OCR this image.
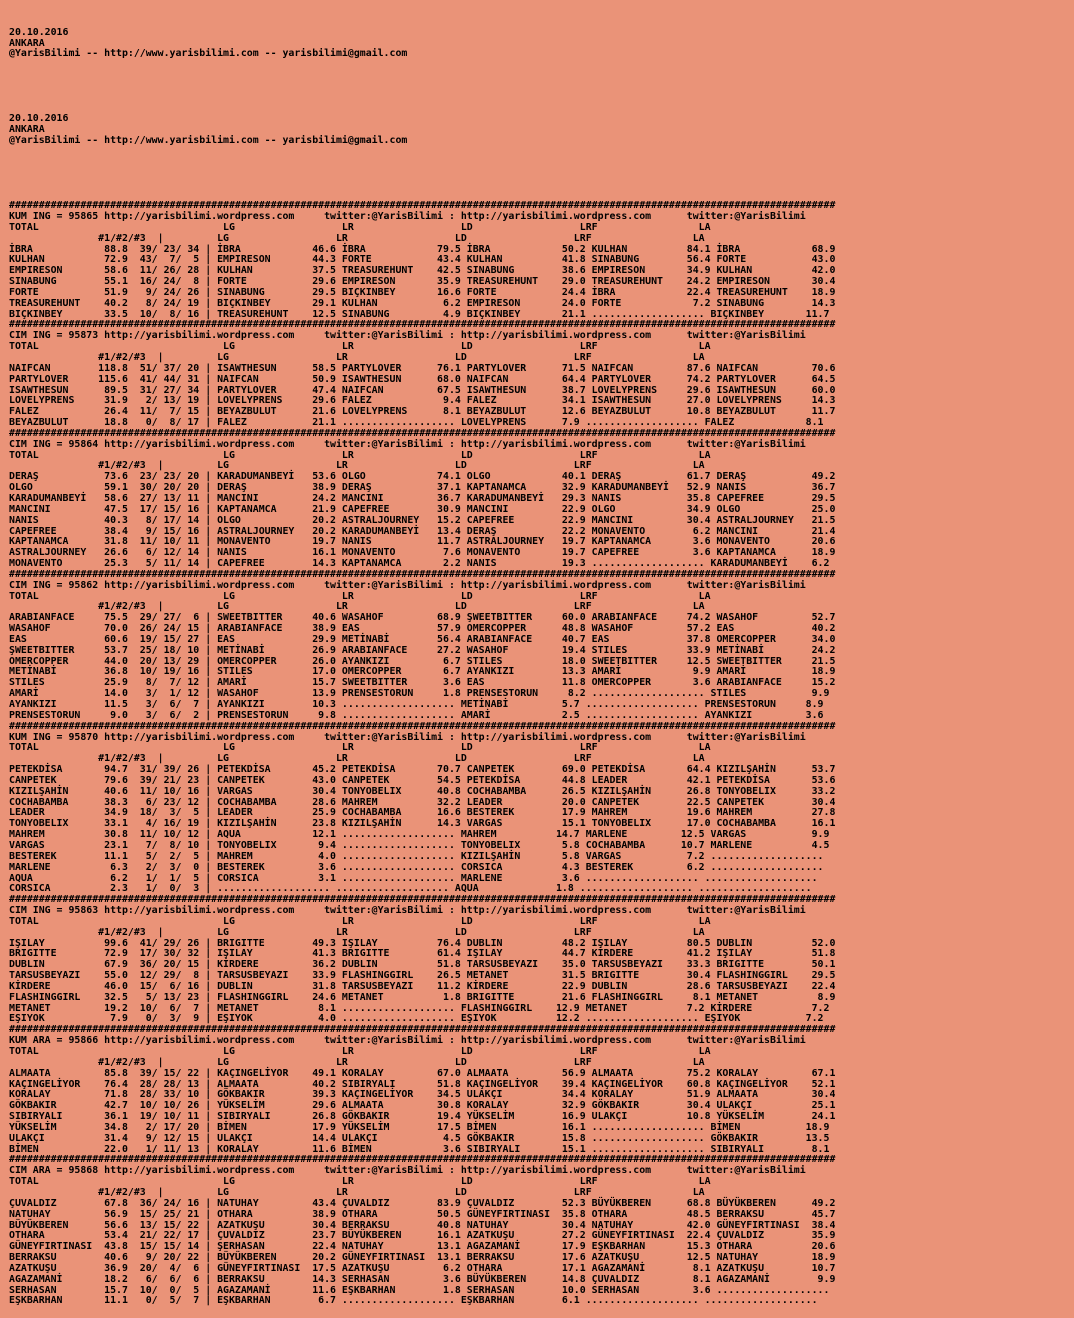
20.10.2016
ANKARA
@YarisBilimi -- http://www.yarisbilimi.com -- yarisbilimi@gmail.com

20.10.2016
ANKARA
@YarisBilimi -- http://www.yarisbilimi.com -- yarisbilimi@gmail.com

###########################################################################################################################################
KUM ING = 95865 http://yarisbilimi.wordpress.com     twitter:@YarisBilimi : http://yarisbilimi.wordpress.com      twitter:@YarisBilimi
TOTAL                               LG                  LR                  LD                  LRF                 LA
#1/#2/#3  |         LG                  LR                  LD                  LRF                 LA
İBRA            88.8  39/ 23/ 34 | İBRA            46.6 İBRA            79.5 İBRA            50.2 KULHAN          84.1 İBRA            68.9
KULHAN          72.9  43/  7/  5 | EMPIRESON       44.3 FORTE           43.4 KULHAN          41.8 SINABUNG        56.4 FORTE           43.0
EMPIRESON       58.6  11/ 26/ 28 | KULHAN          37.5 TREASUREHUNT    42.5 SINABUNG        38.6 EMPIRESON       34.9 KULHAN          42.0
SINABUNG        55.1  16/ 24/  8 | FORTE           29.6 EMPIRESON       35.9 TREASUREHUNT    29.0 TREASUREHUNT    24.2 EMPIRESON       30.4
FORTE           51.9   9/ 24/ 26 | SINABUNG        29.5 BIÇKINBEY       16.6 FORTE           24.4 İBRA            22.4 TREASUREHUNT    18.9
TREASUREHUNT    40.2   8/ 24/ 19 | BIÇKINBEY       29.1 KULHAN           6.2 EMPIRESON       24.0 FORTE            7.2 SINABUNG        14.3
BIÇKINBEY       33.5  10/  8/ 16 | TREASUREHUNT    12.5 SINABUNG         4.9 BIÇKINBEY       21.1 ................... BIÇKINBEY       11.7
###########################################################################################################################################
CIM ING = 95873 http://yarisbilimi.wordpress.com     twitter:@YarisBilimi : http://yarisbilimi.wordpress.com      twitter:@YarisBilimi
TOTAL                               LG                  LR                  LD                  LRF                 LA
#1/#2/#3  |         LG                  LR                  LD                  LRF                 LA
NAIFCAN        118.8  51/ 37/ 20 | ISAWTHESUN      58.5 PARTYLOVER      76.1 PARTYLOVER      71.5 NAIFCAN         87.6 NAIFCAN         70.6
PARTYLOVER     115.6  41/ 44/ 31 | NAIFCAN         50.9 ISAWTHESUN      68.0 NAIFCAN         64.4 PARTYLOVER      74.2 PARTYLOVER      64.5
ISAWTHESUN      89.5  31/ 27/ 34 | PARTYLOVER      47.4 NAIFCAN         67.5 ISAWTHESUN      38.7 LOVELYPRENS     29.6 ISAWTHESUN      60.0
LOVELYPRENS     31.9   2/ 13/ 19 | LOVELYPRENS     29.6 FALEZ            9.4 FALEZ           34.1 ISAWTHESUN      27.0 LOVELYPRENS     14.3
FALEZ           26.4  11/  7/ 15 | BEYAZBULUT      21.6 LOVELYPRENS      8.1 BEYAZBULUT      12.6 BEYAZBULUT      10.8 BEYAZBULUT      11.7
BEYAZBULUT      18.8   0/  8/ 17 | FALEZ           21.1 ................... LOVELYPRENS      7.9 ................... FALEZ            8.1
###########################################################################################################################################
CIM ING = 95864 http://yarisbilimi.wordpress.com     twitter:@YarisBilimi : http://yarisbilimi.wordpress.com      twitter:@YarisBilimi
TOTAL                               LG                  LR                  LD                  LRF                 LA
#1/#2/#3  |         LG                  LR                  LD                  LRF                 LA
DERAŞ           73.6  23/ 23/ 20 | KARADUMANBEYİ   53.6 OLGO            74.1 OLGO            40.1 DERAŞ           61.7 DERAŞ           49.2
OLGO            59.1  30/ 20/ 20 | DERAŞ           38.9 DERAŞ           37.1 KAPTANAMCA      32.9 KARADUMANBEYİ   52.9 NANIS           36.7
KARADUMANBEYİ   58.6  27/ 13/ 11 | MANCINI         24.2 MANCINI         36.7 KARADUMANBEYİ   29.3 NANIS           35.8 CAPEFREE        29.5
MANCINI         47.5  17/ 15/ 16 | KAPTANAMCA      21.9 CAPEFREE        30.9 MANCINI         22.9 OLGO            34.9 OLGO            25.0
NANIS           40.3   8/ 17/ 14 | OLGO            20.2 ASTRALJOURNEY   15.2 CAPEFREE        22.9 MANCINI         30.4 ASTRALJOURNEY   21.5
CAPEFREE        38.4   9/ 15/ 16 | ASTRALJOURNEY   20.2 KARADUMANBEYİ   13.4 DERAŞ           22.2 MONAVENTO        6.2 MANCINI         21.4
KAPTANAMCA      31.8  11/ 10/ 11 | MONAVENTO       19.7 NANIS           11.7 ASTRALJOURNEY   19.7 KAPTANAMCA       3.6 MONAVENTO       20.6
ASTRALJOURNEY   26.6   6/ 12/ 14 | NANIS           16.1 MONAVENTO        7.6 MONAVENTO       19.7 CAPEFREE         3.6 KAPTANAMCA      18.9
MONAVENTO       25.3   5/ 11/ 14 | CAPEFREE        14.3 KAPTANAMCA       2.2 NANIS           19.3 ................... KARADUMANBEYİ    6.2
###########################################################################################################################################
CIM ING = 95862 http://yarisbilimi.wordpress.com     twitter:@YarisBilimi : http://yarisbilimi.wordpress.com      twitter:@YarisBilimi
TOTAL                               LG                  LR                  LD                  LRF                 LA
#1/#2/#3  |         LG                  LR                  LD                  LRF                 LA
ARABIANFACE     75.5  29/ 27/  6 | SWEETBITTER     40.6 WASAHOF         68.9 ŞWEETBITTER     60.0 ARABIANFACE     74.2 WASAHOF         52.7
WASAHOF         70.0  26/ 24/ 15 | ARABIANFACE     38.9 EAS             57.9 OMERCOPPER      48.8 WASAHOF         57.2 EAS             40.2
EAS             60.6  19/ 15/ 27 | EAS             29.9 METİNABİ        56.4 ARABIANFACE     40.7 EAS             37.8 OMERCOPPER      34.0
ŞWEETBITTER     53.7  25/ 18/ 10 | METİNABİ        26.9 ARABIANFACE     27.2 WASAHOF         19.4 STILES          33.9 METİNABİ        24.2
OMERCOPPER      44.0  20/ 13/ 29 | OMERCOPPER      26.0 AYANKIZI         6.7 STILES          18.0 SWEETBITTER     12.5 SWEETBITTER     21.5
METİNABİ        36.8  10/ 19/ 16 | STILES          17.0 OMERCOPPER       6.7 AYANKIZI        13.3 AMARİ            9.9 AMARİ           18.9
STILES          25.9   8/  7/ 12 | AMARİ           15.7 SWEETBITTER      3.6 EAS             11.8 OMERCOPPER       3.6 ARABIANFACE     15.2
AMARİ           14.0   3/  1/ 12 | WASAHOF         13.9 PRENSESTORUN     1.8 PRENSESTORUN     8.2 ................... STILES           9.9
AYANKIZI        11.5   3/  6/  7 | AYANKIZI        10.3 ................... METİNABİ         5.7 ................... PRENSESTORUN     8.9
PRENSESTORUN     9.0   3/  6/  2 | PRENSESTORUN     9.8 ................... AMARİ            2.5 ................... AYANKIZI         3.6
###########################################################################################################################################
KUM ING = 95870 http://yarisbilimi.wordpress.com     twitter:@YarisBilimi : http://yarisbilimi.wordpress.com      twitter:@YarisBilimi
TOTAL                               LG                  LR                  LD                  LRF                 LA
#1/#2/#3  |         LG                  LR                  LD                  LRF                 LA
PETEKDİSA       94.7  31/ 39/ 26 | PETEKDİSA       45.2 PETEKDİSA       70.7 CANPETEK        69.0 PETEKDİSA       64.4 KIZILŞAHİN      53.7
CANPETEK        79.6  39/ 21/ 23 | CANPETEK        43.0 CANPETEK        54.5 PETEKDİSA       44.8 LEADER          42.1 PETEKDİSA       53.6
KIZILŞAHİN      40.6  11/ 10/ 16 | VARGAS          30.4 TONYOBELIX      40.8 COCHABAMBA      26.5 KIZILŞAHİN      26.8 TONYOBELIX      33.2
COCHABAMBA      38.3   6/ 23/ 12 | COCHABAMBA      28.6 MAHREM          32.2 LEADER          20.0 CANPETEK        22.5 CANPETEK        30.4
LEADER          34.9  18/  3/  5 | LEADER          25.9 COCHABAMBA      16.6 BESTEREK        17.9 MAHREM          19.6 MAHREM          27.8
TONYOBELIX      33.1   4/ 16/ 19 | KIZILŞAHİN      23.8 KIZILŞAHİN      14.3 VARGAS          15.1 TONYOBELIX      17.0 COCHABAMBA      16.1
MAHREM          30.8  11/ 10/ 12 | AQUA            12.1 ................... MAHREM          14.7 MARLENE         12.5 VARGAS           9.9
VARGAS          23.1   7/  8/ 10 | TONYOBELIX       9.4 ................... TONYOBELIX       5.8 COCHABAMBA      10.7 MARLENE          4.5
BESTEREK        11.1   5/  2/  5 | MAHREM           4.0 ................... KIZILŞAHİN       5.8 VARGAS           7.2 ...................
MARLENE          6.3   2/  3/  0 | BESTEREK         3.6 ................... CORSICA          4.3 BESTEREK         6.2 ...................
AQUA             6.2   1/  1/  5 | CORSICA          3.1 ................... MARLENE          3.6 ................... ...................
CORSICA          2.3   1/  0/  3 | ................... ................... AQUA             1.8 ................... ...................
###########################################################################################################################################
CIM ING = 95863 http://yarisbilimi.wordpress.com     twitter:@YarisBilimi : http://yarisbilimi.wordpress.com      twitter:@YarisBilimi
TOTAL                               LG                  LR                  LD                  LRF                 LA
#1/#2/#3  |         LG                  LR                  LD                  LRF                 LA
IŞILAY          99.6  41/ 29/ 26 | BRIGITTE        49.3 IŞILAY          76.4 DUBLIN          48.2 IŞILAY          80.5 DUBLIN          52.0
BRIGITTE        72.9  17/ 30/ 32 | IŞILAY          41.3 BRIGITTE        61.4 IŞILAY          44.7 KİRDERE         41.2 IŞILAY          51.8
DUBLIN          67.9  36/ 20/ 15 | KİRDERE         36.2 DUBLIN          51.8 TARSUSBEYAZI    35.0 TARSUSBEYAZI    33.3 BRIGITTE        50.1
TARSUSBEYAZI    55.0  12/ 29/  8 | TARSUSBEYAZI    33.9 FLASHINGGIRL    26.5 METANET         31.5 BRIGITTE        30.4 FLASHINGGIRL    29.5
KİRDERE         46.0  15/  6/ 16 | DUBLIN          31.8 TARSUSBEYAZI    11.2 KİRDERE         22.9 DUBLIN          28.6 TARSUSBEYAZI    22.4
FLASHINGGIRL    32.5   5/ 13/ 23 | FLASHINGGIRL    24.6 METANET          1.8 BRIGITTE        21.6 FLASHINGGIRL     8.1 METANET          8.9
METANET         19.2  10/  6/  7 | METANET          8.1 ................... FLASHINGGIRL    12.9 METANET          7.2 KİRDERE          7.2
EŞIYOK           7.9   0/  3/  9 | EŞIYOK           4.0 ................... EŞIYOK          12.2 ................... EŞIYOK           7.2
###########################################################################################################################################
KUM ARA = 95866 http://yarisbilimi.wordpress.com     twitter:@YarisBilimi : http://yarisbilimi.wordpress.com      twitter:@YarisBilimi
TOTAL                               LG                  LR                  LD                  LRF                 LA
#1/#2/#3  |         LG                  LR                  LD                  LRF                 LA
ALMAATA         85.8  39/ 15/ 22 | KAÇINGELİYOR    49.1 KORALAY         67.0 ALMAATA         56.9 ALMAATA         75.2 KORALAY         67.1
KAÇINGELİYOR    76.4  28/ 28/ 13 | ALMAATA         40.2 SIBIRYALI       51.8 KAÇINGELİYOR    39.4 KAÇINGELİYOR    60.8 KAÇINGELİYOR    52.1
KORALAY         71.8  28/ 33/ 10 | GÖKBAKIR        39.3 KAÇINGELİYOR    34.5 ULAKÇI          34.4 KORALAY         51.9 ALMAATA         30.4
GÖKBAKIR        42.7  10/ 10/ 26 | YÜKSELİM        29.6 ALMAATA         30.8 KORALAY         32.9 GÖKBAKIR        30.4 ULAKÇI          25.1
SIBIRYALI       36.1  19/ 10/ 11 | SIBIRYALI       26.8 GÖKBAKIR        19.4 YÜKSELİM        16.9 ULAKÇI          10.8 YÜKSELİM        24.1
YÜKSELİM        34.8   2/ 17/ 20 | BİMEN           17.9 YÜKSELİM        17.5 BİMEN           16.1 ................... BİMEN           18.9
ULAKÇI          31.4   9/ 12/ 15 | ULAKÇI          14.4 ULAKÇI           4.5 GÖKBAKIR        15.8 ................... GÖKBAKIR        13.5
BİMEN           22.0   1/ 11/ 13 | KORALAY         11.6 BİMEN            3.6 SIBIRYALI       15.1 ................... SIBIRYALI        8.1
###########################################################################################################################################
CIM ARA = 95868 http://yarisbilimi.wordpress.com     twitter:@YarisBilimi : http://yarisbilimi.wordpress.com      twitter:@YarisBilimi
TOTAL                               LG                  LR                  LD                  LRF                 LA
#1/#2/#3  |         LG                  LR                  LD                  LRF                 LA
ÇUVALDIZ        67.8  36/ 24/ 16 | NATUHAY         43.4 ÇUVALDIZ        83.9 ÇUVALDIZ        52.3 BÜYÜKBEREN      68.8 BÜYÜKBEREN      49.2
NATUHAY         56.9  15/ 25/ 21 | OTHARA          38.9 OTHARA          50.5 GÜNEYFIRTINASI  35.8 OTHARA          48.5 BERRAKSU        45.7
BÜYÜKBEREN      56.6  13/ 15/ 22 | AZATKUŞU        30.4 BERRAKSU        40.8 NATUHAY         30.4 NATUHAY         42.0 GÜNEYFIRTINASI  38.4
OTHARA          53.4  21/ 22/ 17 | ÇUVALDIZ        23.7 BÜYÜKBEREN      16.1 AZATKUŞU        27.2 GÜNEYFIRTINASI  22.4 ÇUVALDIZ        35.9
GÜNEYFIRTINASI  43.8  15/ 15/ 14 | ŞERHASAN        22.4 NATUHAY         13.1 AGAZAMANİ       17.9 EŞKBARHAN       15.3 OTHARA          20.6
BERRAKSU        40.6   9/ 20/ 22 | BÜYÜKBEREN      20.2 GÜNEYFIRTINASI  13.1 BERRAKSU        17.6 AZATKUŞU        12.5 NATUHAY         18.9
AZATKUŞU        36.9  20/  4/  6 | GÜNEYFIRTINASI  17.5 AZATKUŞU         6.2 OTHARA          17.1 AGAZAMANİ        8.1 AZATKUŞU        10.7
AGAZAMANİ       18.2   6/  6/  6 | BERRAKSU        14.3 SERHASAN         3.6 BÜYÜKBEREN      14.8 ÇUVALDIZ         8.1 AGAZAMANİ        9.9
SERHASAN        15.7  10/  0/  5 | AGAZAMANİ       11.6 EŞKBARHAN        1.8 SERHASAN        10.0 SERHASAN         3.6 ...................
EŞKBARHAN       11.1   0/  5/  7 | EŞKBARHAN        6.7 ................... EŞKBARHAN        6.1 ................... ...................
